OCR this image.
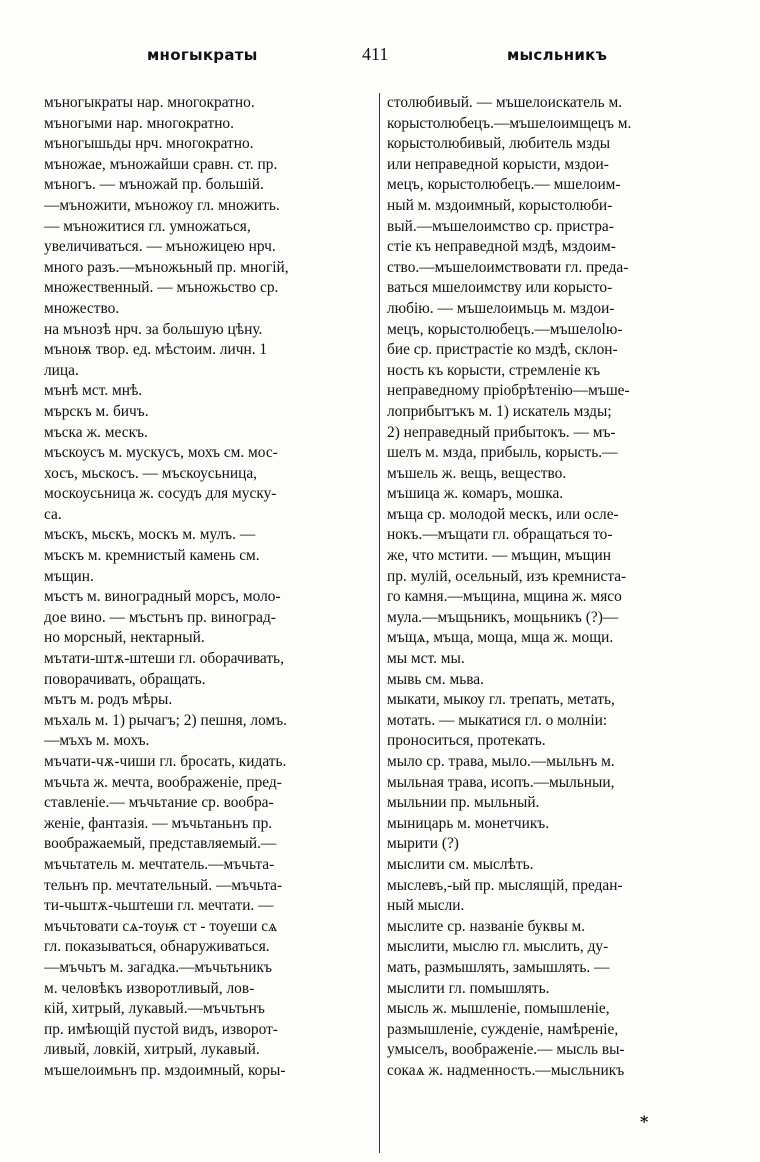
многыкраты	411	мысльникъ
мънoгыкраты нар. многократно.
мънoгыми нар. многократно.
мънoгышьды нрч. многократно.
мънoжае, мънoжайши сравн. ст. пр.
мънoгъ. — мънoжай пр. большій.
—мънoжити, мънoжоу гл. множить.
— мънoжитися гл. умножаться,
увеличиваться. — мънoжицею нрч.
много разъ.—мънoжьный пр. многій,
множественный. — мънoжьство ср.
множество.
на мънoзѣ нрч. за большую цѣну.
мънoѭ твор. ед. мѣстоим. личн. 1
лица.
мънѣ мст. мнѣ.
мърскъ м. бичъ.
мъска ж. мескъ.
мъскоусъ м. мускусъ, мохъ см. мос-
хосъ, мьскосъ. — мъскоусьница,
москоусьница ж. сосудъ для муску-
са.
мъскъ, мьскъ, москъ м. мулъ. —
мъскъ м. кремнистый камень см.
мъщин.
мъстъ м. виноградный морсъ, моло-
дое вино. — мъстьнъ пр. виноград-
но морсный, нектарный.
мътати-штѫ-штеши гл. оборачивать,
поворачивать, обращать.
мътъ м. родъ мѣры.
мъхаль м. 1) рычагъ; 2) пешня, ломъ.
—мъхъ м. мохъ.
мъчати-чѫ-чиши гл. бросать, кидать.
мъчьта ж. мечта, воображеніе, пред-
ставленіе.— мъчьтание ср. вообра-
женіе, фантазія. — мъчьтаньнъ пр.
воображаемый, представляемый.—
мъчьтатель м. мечтатель.—мъчьта-
тельнъ пр. мечтательный. —мъчьта-
ти-чьштѫ-чьштеши гл. мечтати. —
мъчьтовати сѧ-тоуѭ ст - тоуеши сѧ
гл. показываться, обнаруживаться.
—мъчьтъ м. загадка.—мъчьтьникъ
м. человѣкъ изворотливый, лов-
кій, хитрый, лукавый.—мъчьтьнъ
пр. имѣющій пустой видъ, изворот-
ливый, ловкій, хитрый, лукавый.
мъшелоимьнъ пр. мздоимный, коры-
столюбивый. — мъшелоискатель м.
корыстолюбецъ.—мъшелоимщецъ м.
корыстолюбивый, любитель мзды
или неправедной корысти, мздои-
мецъ, корыстолюбецъ.— мшелоим-
ный м. мздоимный, корыстолюби-
вый.—мъшелоимство ср. пристра-
стіе къ неправедной мздѣ, мздоим-
ство.—мъшелоимствовати гл. преда-
ваться мшелоимству или корысто-
любію. — мъшелоимьць м. мздои-
мецъ, корыстолюбецъ.—мъшелоlю-
бие ср. пристрастіе ко мздѣ, склон-
ность къ корысти, стремленіе къ
неправедному пріобрѣтенію—мъше-
лоприбытъкъ м. 1) искатель мзды;
2) неправедный прибытокъ. — мъ-
шелъ м. мзда, прибыль, корысть.—
мъшель ж. вещь, вещество.
мъшица ж. комаръ, мошка.
мъща ср. молодой мескъ, или осле-
нокъ.—мъщати гл. обращаться то-
же, что мстити. — мъщин, мъщин
пр. мулій, осельный, изъ кремниста-
го камня.—мъщина, мщина ж. мясо
мула.—мъщьникъ, мощьникъ (?)—
мъщѧ, мъща, моща, мща ж. мощи.
мы мст. мы.
мывь см. мьва.
мыкати, мыкоу гл. трепать, метать,
мотать. — мыкатися гл. о молніи:
проноситься, протекать.
мыло ср. трава, мыло.—мыльнъ м.
мыльная трава, исопъ.—мыльныи,
мыльнии пр. мыльный.
мыницарь м. монетчикъ.
мырити (?)
мыслити см. мыслѣть.
мыслевъ,-ый пр. мыслящій, предан-
ный мысли.
мыслите ср. названіе буквы м.
мыслити, мыслю гл. мыслить, ду-
мать, размышлять, замышлять. —
мыслити гл. помышлять.
мысль ж. мышленіе, помышленіе,
размышленіе, сужденіе, намѣреніе,
умыселъ, воображеніе.— мысль вы-
сокаѧ ж. надменность.—мысльникъ
*
